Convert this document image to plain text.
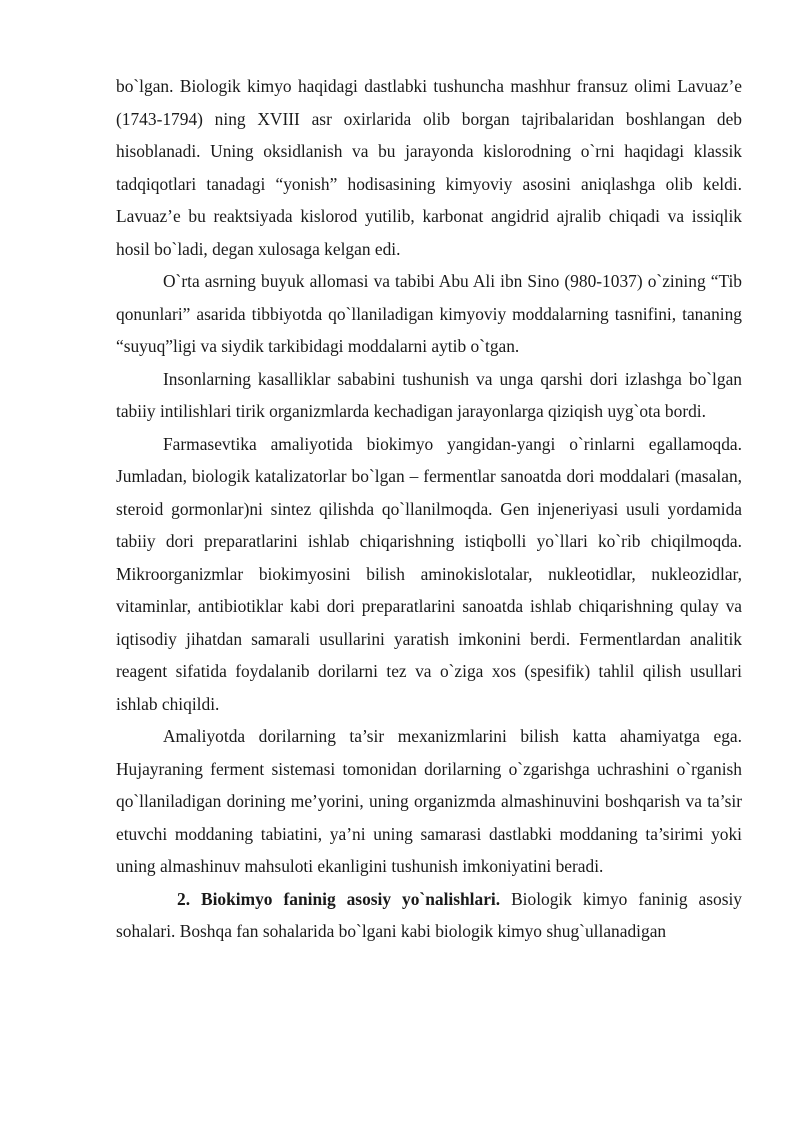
bo`lgan. Biologik kimyo haqidagi dastlabki tushuncha mashhur fransuz olimi Lavuaz’e (1743-1794) ning XVIII asr oxirlarida olib borgan tajribalaridan boshlangan deb hisoblanadi. Uning oksidlanish va bu jarayonda kislorodning o`rni haqidagi klassik tadqiqotlari tanadagi “yonish” hodisasining kimyoviy asosini aniqlashga olib keldi. Lavuaz’e bu reaktsiyada kislorod yutilib, karbonat angidrid ajralib chiqadi va issiqlik hosil bo`ladi, degan xulosaga kelgan edi.

O`rta asrning buyuk allomasi va tabibi Abu Ali ibn Sino (980-1037) o`zining “Tib qonunlari” asarida tibbiyotda qo`llaniladigan kimyoviy moddalarning tasnifini, tananing “suyuq”ligi va siydik tarkibidagi moddalarni aytib o`tgan.

Insonlarning kasalliklar sababini tushunish va unga qarshi dori izlashga bo`lgan tabiiy intilishlari tirik organizmlarda kechadigan jarayonlarga qiziqish uyg`ota bordi.

Farmasevtika amaliyotida biokimyo yangidan-yangi o`rinlarni egallamoqda. Jumladan, biologik katalizatorlar bo`lgan – fermentlar sanoatda dori moddalari (masalan, steroid gormonlar)ni sintez qilishda qo`llanilmoqda. Gen injeneriyasi usuli yordamida tabiiy dori preparatlarini ishlab chiqarishning istiqbolli yo`llari ko`rib chiqilmoqda. Mikroorganizmlar biokimyosini bilish aminokislotalar, nukleotidlar, nukleozidlar, vitaminlar, antibiotiklar kabi dori preparatlarini sanoatda ishlab chiqarishning qulay va iqtisodiy jihatdan samarali usullarini yaratish imkonini berdi. Fermentlardan analitik reagent sifatida foydalanib dorilarni tez va o`ziga xos (spesifik) tahlil qilish usullari ishlab chiqildi.

Amaliyotda dorilarning ta’sir mexanizmlarini bilish katta ahamiyatga ega. Hujayraning ferment sistemasi tomonidan dorilarning o`zgarishga uchrashini o`rganish qo`llaniladigan dorining me’yorini, uning organizmda almashinuvini boshqarish va ta’sir etuvchi moddaning tabiatini, ya’ni uning samarasi dastlabki moddaning ta’sirimi yoki uning almashinuv mahsuloti ekanligini tushunish imkoniyatini beradi.

2. Biokimyo faninig asosiy yo`nalishlari. Biologik kimyo faninig asosiy sohalari. Boshqa fan sohalarida bo`lgani kabi biologik kimyo shug`ullanadigan
